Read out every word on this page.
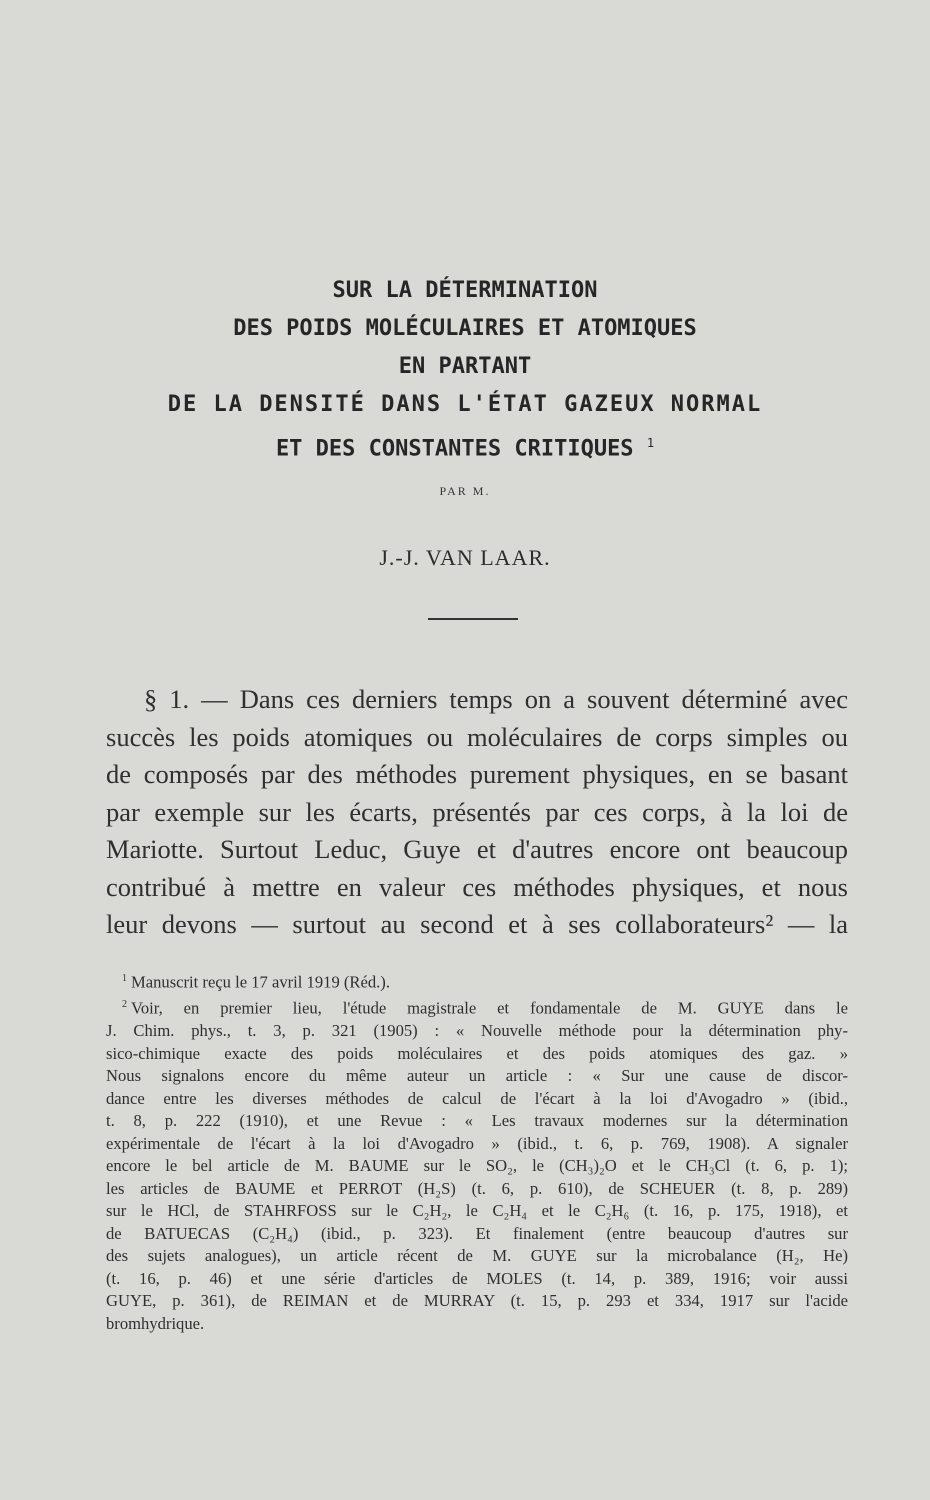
SUR LA DÉTERMINATION
DES POIDS MOLÉCULAIRES ET ATOMIQUES
EN PARTANT
DE LA DENSITÉ DANS L'ÉTAT GAZEUX NORMAL
ET DES CONSTANTES CRITIQUES $^1$
PAR M.
J.-J. VAN LAAR.
§ 1. — Dans ces derniers temps on a souvent déterminé avec
succès les poids atomiques ou moléculaires de corps simples ou
de composés par des méthodes purement physiques, en se basant
par exemple sur les écarts, présentés par ces corps, à la loi de
Mariotte. Surtout Leduc, Guye et d'autres encore ont beaucoup
contribué à mettre en valeur ces méthodes physiques, et nous
leur devons — surtout au second et à ses collaborateurs² — la
$^1$ Manuscrit reçu le 17 avril 1919 (Réd.).
$^2$ Voir, en premier lieu, l'étude magistrale et fondamentale de M. GUYE dans le
J. Chim. phys., t. 3, p. 321 (1905) : « Nouvelle méthode pour la détermination phy-
sico-chimique exacte des poids moléculaires et des poids atomiques des gaz. »
Nous signalons encore du même auteur un article : « Sur une cause de discor-
dance entre les diverses méthodes de calcul de l'écart à la loi d'Avogadro » (ibid.,
t. 8, p. 222 (1910), et une Revue : « Les travaux modernes sur la détermination
expérimentale de l'écart à la loi d'Avogadro » (ibid., t. 6, p. 769, 1908). A signaler
encore le bel article de M. BAUME sur le SO₂, le (CH₃)₂O et le CH₃Cl (t. 6, p. 1);
les articles de BAUME et PERROT (H₂S) (t. 6, p. 610), de SCHEUER (t. 8, p. 289)
sur le HCl, de STAHRFOSS sur le C₂H₂, le C₂H₄ et le C₂H₆ (t. 16, p. 175, 1918), et
de BATUECAS (C₂H₄) (ibid., p. 323). Et finalement (entre beaucoup d'autres sur
des sujets analogues), un article récent de M. GUYE sur la microbalance (H₂, He)
(t. 16, p. 46) et une série d'articles de MOLES (t. 14, p. 389, 1916; voir aussi
GUYE, p. 361), de REIMAN et de MURRAY (t. 15, p. 293 et 334, 1917 sur l'acide
bromhydrique.
